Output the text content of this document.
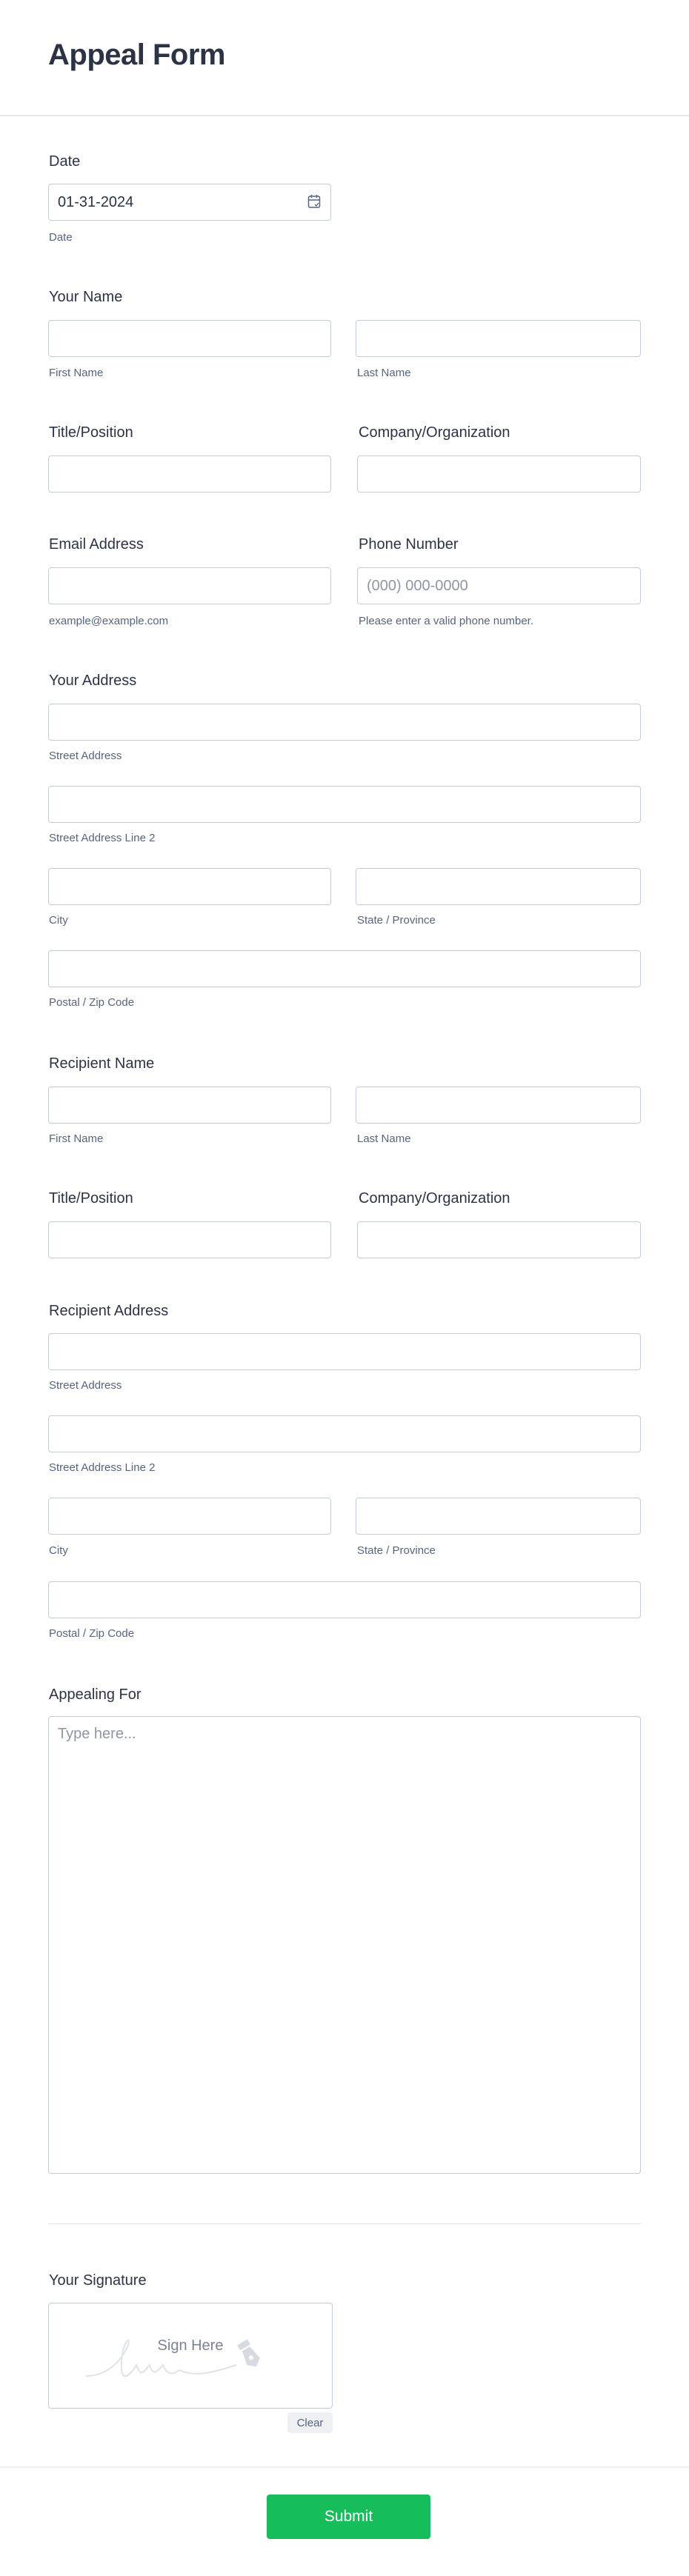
Appeal Form
Date
01-31-2024
Date
Your Name
First Name	Last Name
Title/Position	Company/Organization
Email Address	Phone Number
(000) 000-0000
example@example.com	Please enter a valid phone number.
Your Address
Street Address
Street Address Line 2
City	State / Province
Postal / Zip Code
Recipient Name
First Name	Last Name
Title/Position	Company/Organization
Recipient Address
Street Address
Street Address Line 2
City	State / Province
Postal / Zip Code
Appealing For
Type here...
Your Signature
Sign Here
Clear
Submit
